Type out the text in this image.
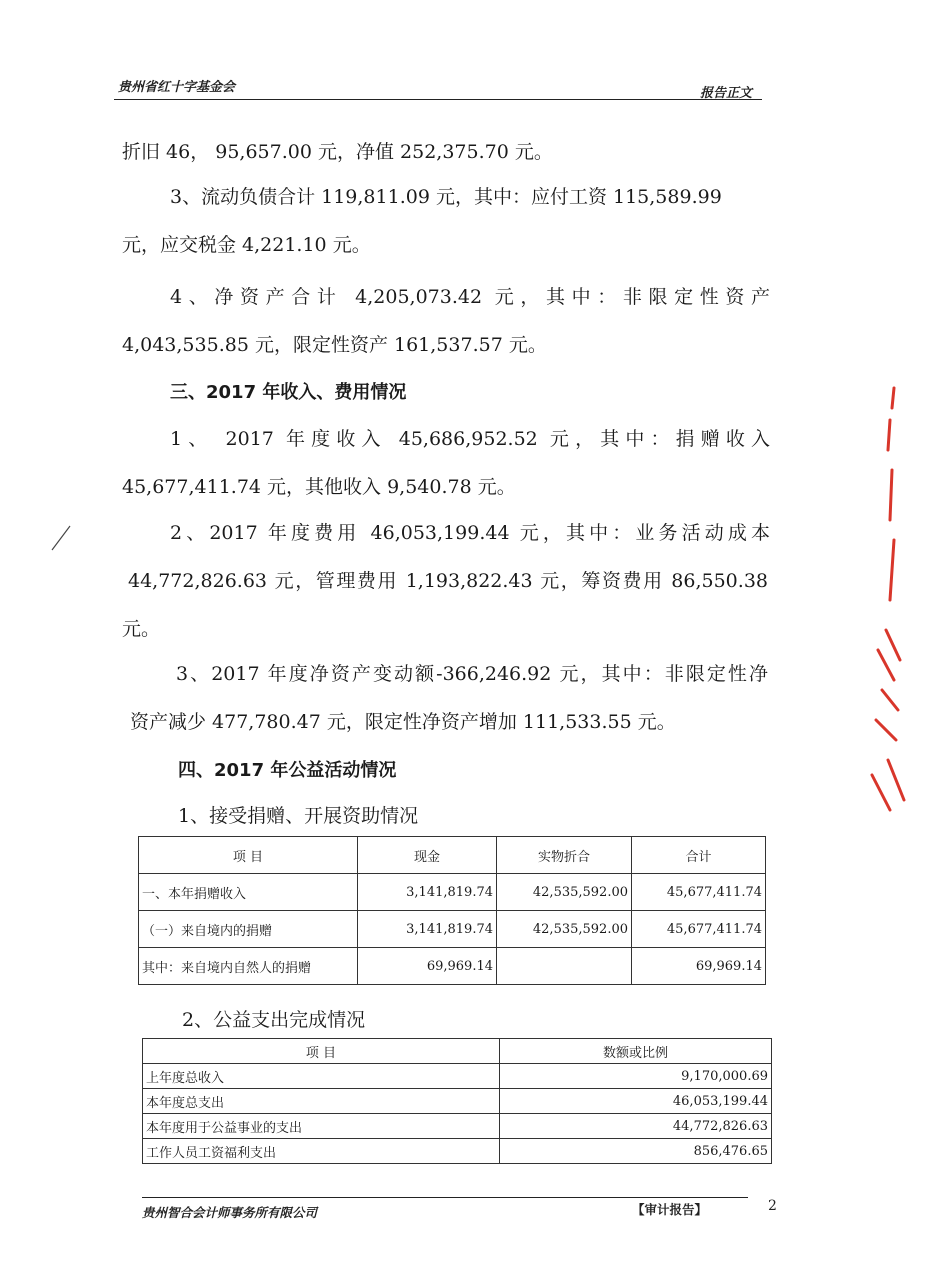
贵州省红十字基金会	报告正文
折旧 46， 95,657.00 元，净值 252,375.70 元。
3、流动负债合计 119,811.09 元，其中：应付工资 115,589.99
元，应交税金 4,221.10 元。
4、净资产合计 4,205,073.42 元，其中：非限定性资产
4,043,535.85 元，限定性资产 161,537.57 元。
三、2017 年收入、费用情况
1、 2017 年度收入 45,686,952.52 元，其中：捐赠收入
45,677,411.74 元，其他收入 9,540.78 元。
2、2017 年度费用 46,053,199.44 元，其中：业务活动成本
44,772,826.63 元，管理费用 1,193,822.43 元，筹资费用 86,550.38
元。
3、2017 年度净资产变动额-366,246.92 元，其中：非限定性净
资产减少 477,780.47 元，限定性净资产增加 111,533.55 元。
四、2017 年公益活动情况
1、接受捐赠、开展资助情况
项 目	现金	实物折合	合计
一、本年捐赠收入	3,141,819.74	42,535,592.00	45,677,411.74
（一）来自境内的捐赠	3,141,819.74	42,535,592.00	45,677,411.74
其中：来自境内自然人的捐赠	69,969.14		69,969.14
2、公益支出完成情况
项 目	数额或比例
上年度总收入	9,170,000.69
本年度总支出	46,053,199.44
本年度用于公益事业的支出	44,772,826.63
工作人员工资福利支出	856,476.65
贵州智合会计师事务所有限公司	【审计报告】	2
